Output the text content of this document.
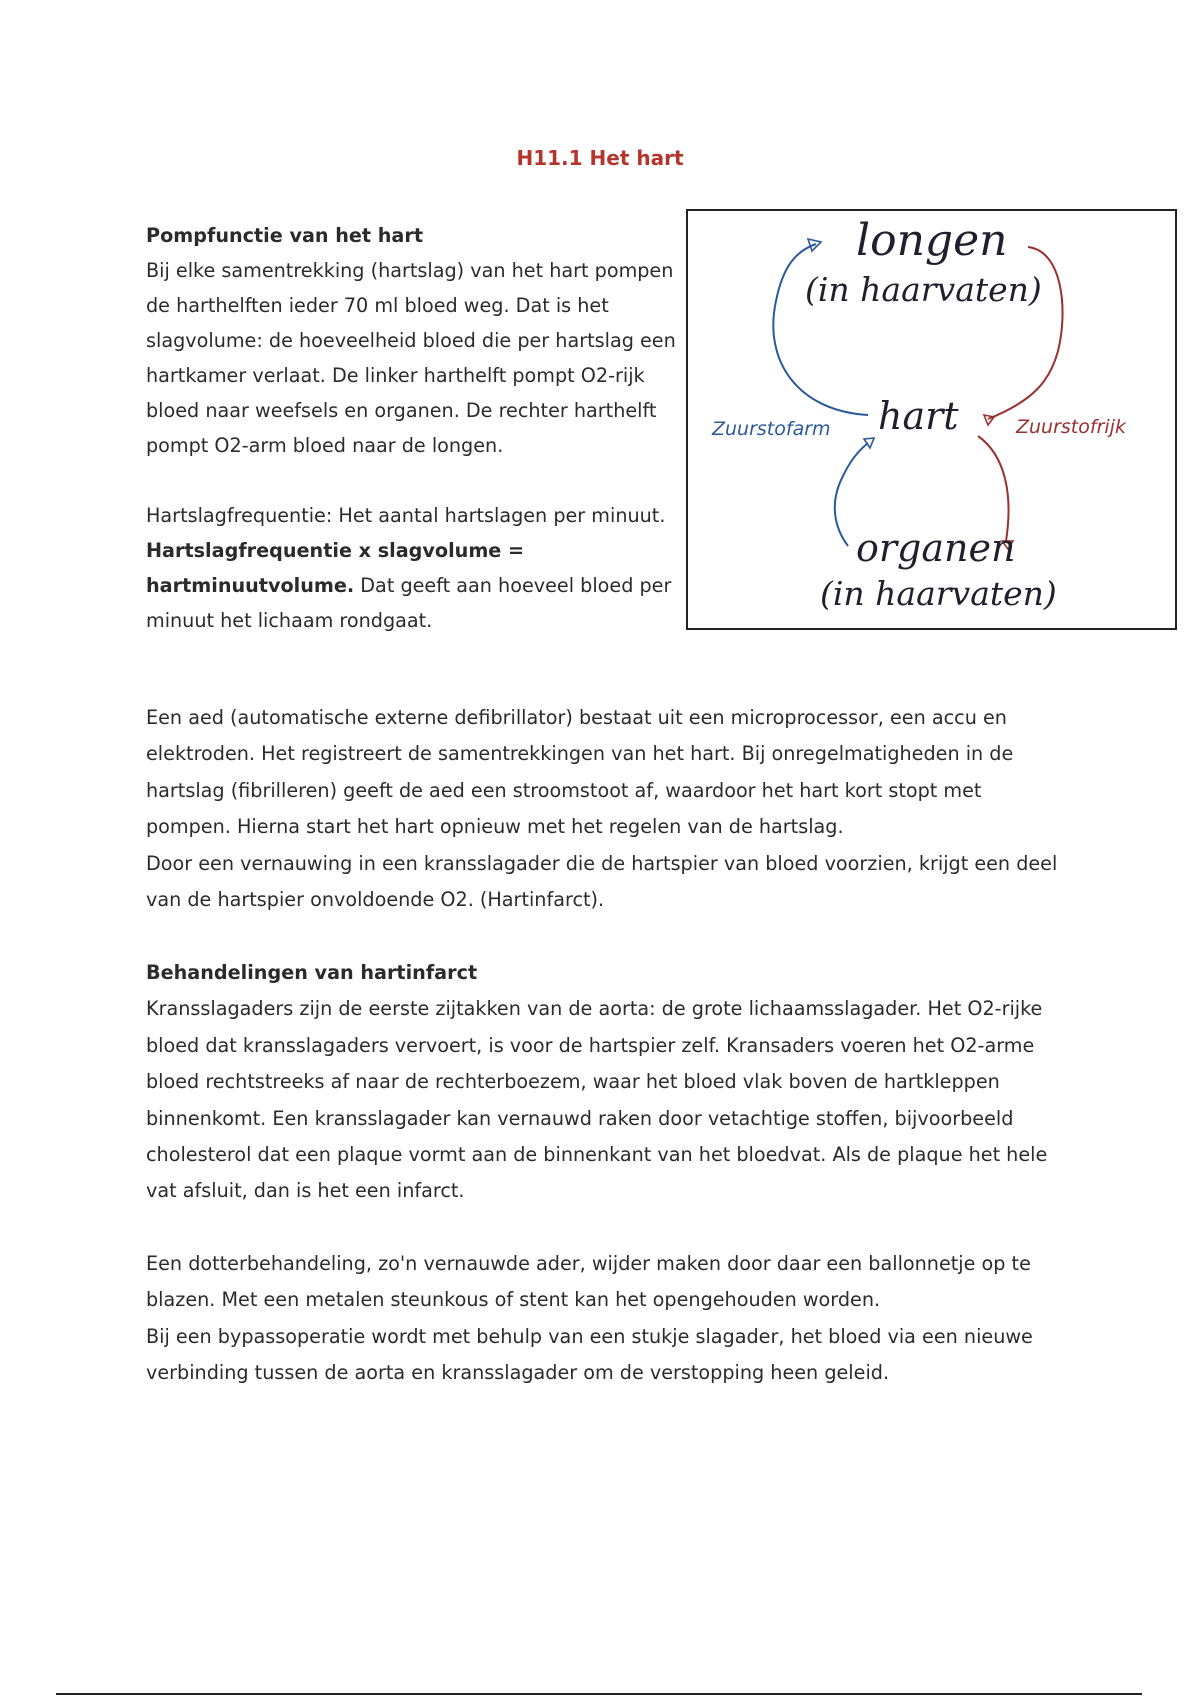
H11.1 Het hart

Pompfunctie van het hart

Bij elke samentrekking (hartslag) van het hart pompen de harthelften ieder 70 ml bloed weg. Dat is het slagvolume: de hoeveelheid bloed die per hartslag een hartkamer verlaat. De linker harthelft pompt O2-rijk bloed naar weefsels en organen. De rechter harthelft pompt O2-arm bloed naar de longen.

Hartslagfrequentie: Het aantal hartslagen per minuut. Hartslagfrequentie x slagvolume = hartminuutvolume. Dat geeft aan hoeveel bloed per minuut het lichaam rondgaat.

longen
(in haarvaten)
hart
organen
(in haarvaten)
Zuurstofarm	Zuurstofrijk

Een aed (automatische externe defibrillator) bestaat uit een microprocessor, een accu en elektroden. Het registreert de samentrekkingen van het hart. Bij onregelmatigheden in de hartslag (fibrilleren) geeft de aed een stroomstoot af, waardoor het hart kort stopt met pompen. Hierna start het hart opnieuw met het regelen van de hartslag.

Door een vernauwing in een kransslagader die de hartspier van bloed voorzien, krijgt een deel van de hartspier onvoldoende O2. (Hartinfarct).

Behandelingen van hartinfarct

Kransslagaders zijn de eerste zijtakken van de aorta: de grote lichaamsslagader. Het O2-rijke bloed dat kransslagaders vervoert, is voor de hartspier zelf. Kransaders voeren het O2-arme bloed rechtstreeks af naar de rechterboezem, waar het bloed vlak boven de hartkleppen binnenkomt. Een kransslagader kan vernauwd raken door vetachtige stoffen, bijvoorbeeld cholesterol dat een plaque vormt aan de binnenkant van het bloedvat. Als de plaque het hele vat afsluit, dan is het een infarct.

Een dotterbehandeling, zo'n vernauwde ader, wijder maken door daar een ballonnetje op te blazen. Met een metalen steunkous of stent kan het opengehouden worden.

Bij een bypassoperatie wordt met behulp van een stukje slagader, het bloed via een nieuwe verbinding tussen de aorta en kransslagader om de verstopping heen geleid.
